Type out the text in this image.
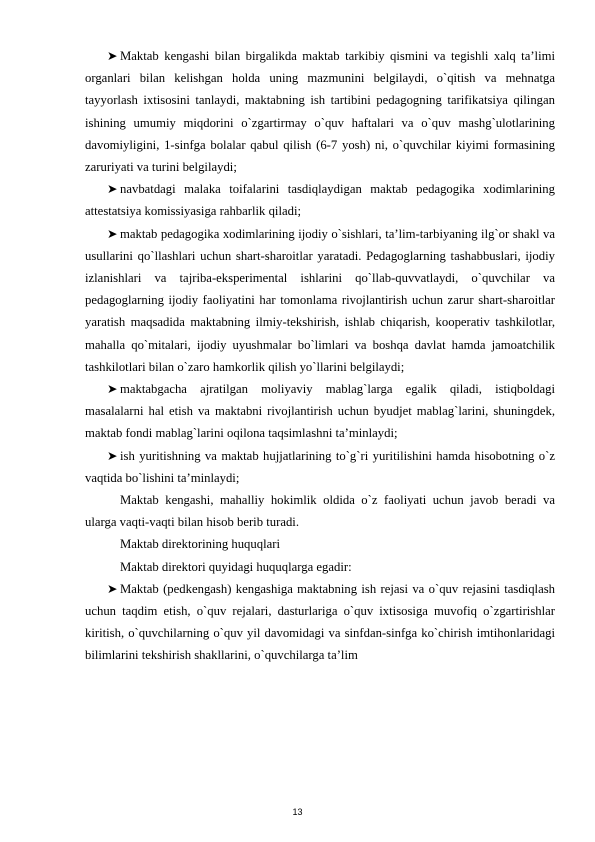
➤ Maktab kengashi bilan birgalikda maktab tarkibiy qismini va tegishli xalq ta’limi organlari bilan kelishgan holda uning mazmunini belgilaydi, o`qitish va mehnatga tayyorlash ixtisosini tanlaydi, maktabning ish tartibini pedagogning tarifikatsiya qilingan ishining umumiy miqdorini o`zgartirmay o`quv haftalari va o`quv mashg`ulotlarining davomiyligini, 1-sinfga bolalar qabul qilish (6-7 yosh) ni, o`quvchilar kiyimi formasining zaruriyati va turini belgilaydi;

➤ navbatdagi malaka toifalarini tasdiqlaydigan maktab pedagogika xodimlarining attestatsiya komissiyasiga rahbarlik qiladi;

➤ maktab pedagogika xodimlarining ijodiy o`sishlari, ta’lim-tarbiyaning ilg`or shakl va usullarini qo`llashlari uchun shart-sharoitlar yaratadi. Pedagoglarning tashabbuslari, ijodiy izlanishlari va tajriba-eksperimental ishlarini qo`llab-quvvatlaydi, o`quvchilar va pedagoglarning ijodiy faoliyatini har tomonlama rivojlantirish uchun zarur shart-sharoitlar yaratish maqsadida maktabning ilmiy-tekshirish, ishlab chiqarish, kooperativ tashkilotlar, mahalla qo`mitalari, ijodiy uyushmalar bo`limlari va boshqa davlat hamda jamoatchilik tashkilotlari bilan o`zaro hamkorlik qilish yo`llarini belgilaydi;

➤ maktabgacha ajratilgan moliyaviy mablag`larga egalik qiladi, istiqboldagi masalalarni hal etish va maktabni rivojlantirish uchun byudjet mablag`larini, shuningdek, maktab fondi mablag`larini oqilona taqsimlashni ta’minlaydi;

➤ ish yuritishning va maktab hujjatlarining to`g`ri yuritilishini hamda hisobotning o`z vaqtida bo`lishini ta’minlaydi;

Maktab kengashi, mahalliy hokimlik oldida o`z faoliyati uchun javob beradi va ularga vaqti-vaqti bilan hisob berib turadi.

Maktab direktorining huquqlari

Maktab direktori quyidagi huquqlarga egadir:

➤ Maktab (pedkengash) kengashiga maktabning ish rejasi va o`quv rejasini tasdiqlash uchun taqdim etish, o`quv rejalari, dasturlariga o`quv ixtisosiga muvofiq o`zgartirishlar kiritish, o`quvchilarning o`quv yil davomidagi va sinfdan-sinfga ko`chirish imtihonlaridagi bilimlarini tekshirish shakllarini, o`quvchilarga ta’lim

13
